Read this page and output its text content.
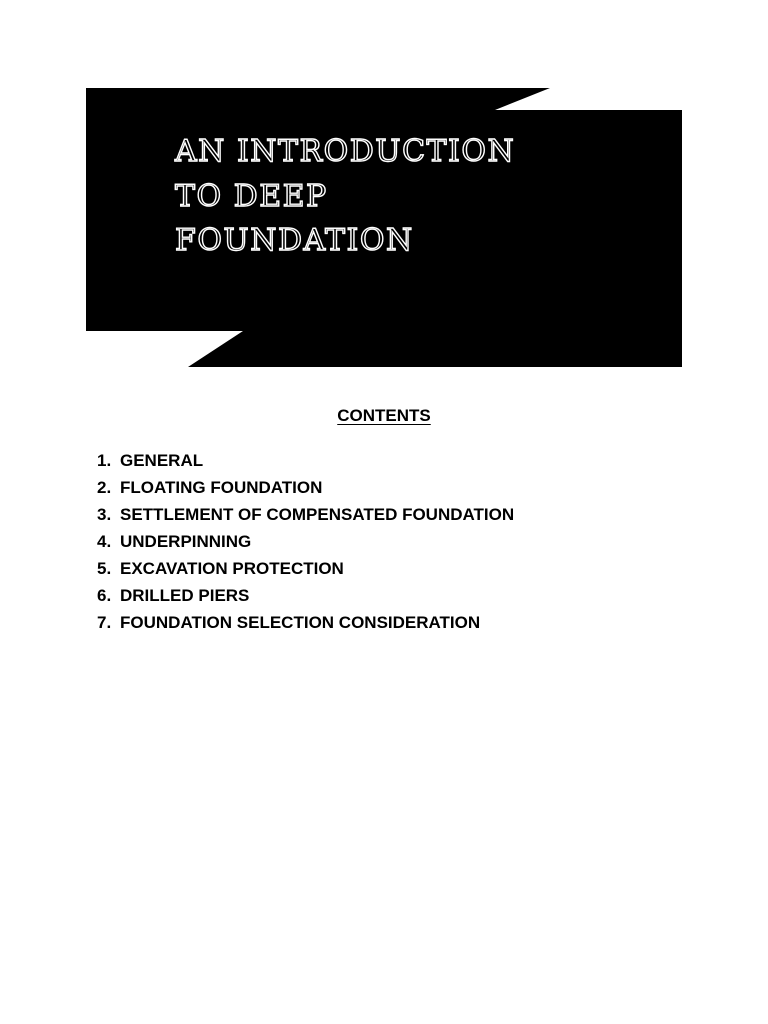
AN INTRODUCTION
TO DEEP
FOUNDATION
CONTENTS
1. GENERAL
2. FLOATING FOUNDATION
3. SETTLEMENT OF COMPENSATED FOUNDATION
4. UNDERPINNING
5. EXCAVATION PROTECTION
6. DRILLED PIERS
7. FOUNDATION SELECTION CONSIDERATION
